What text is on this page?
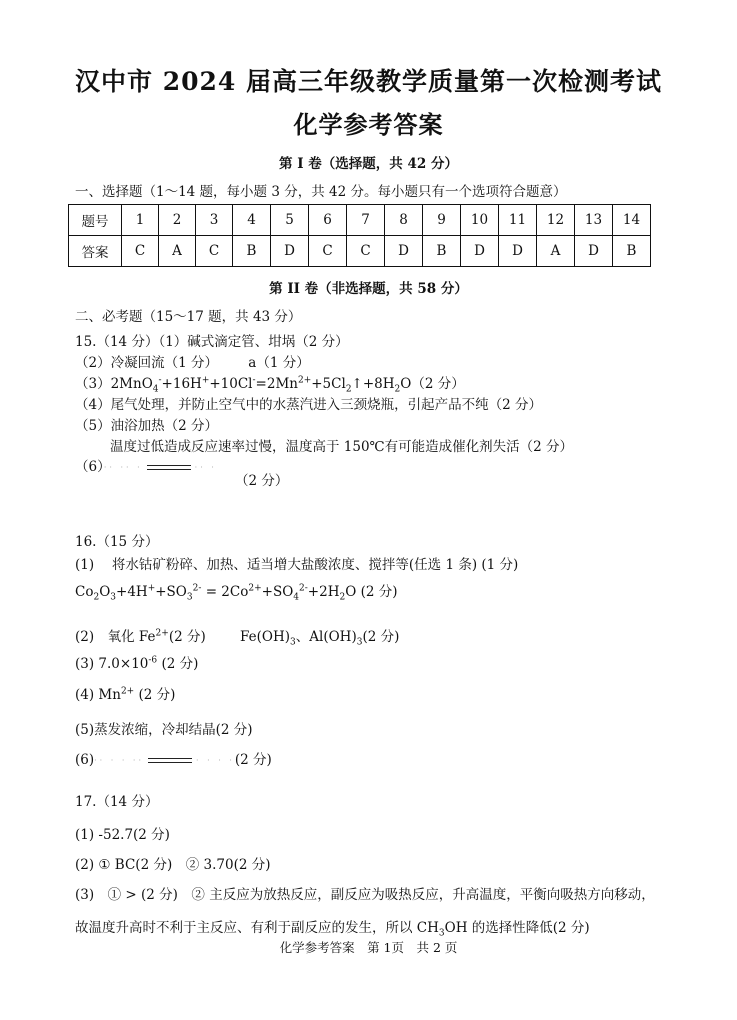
汉中市 2024 届高三年级教学质量第一次检测考试
化学参考答案
第 I 卷（选择题，共 42 分）
一、选择题（1～14 题，每小题 3 分，共 42 分。每小题只有一个选项符合题意）
题号	1	2	3	4	5	6	7	8	9	10	11	12	13	14
答案	C	A	C	B	D	C	C	D	B	D	D	A	D	B
第 II 卷（非选择题，共 58 分）
二、必考题（15～17 题，共 43 分）
15.（14 分）（1）碱式滴定管、坩埚（2 分）
（2）冷凝回流（1 分） a（1 分）
$(3)2MnO_4^-+16H^++10Cl^-=2Mn^{2+}+5Cl_2↑+8H_2O(2$ 分）
（4）尾气处理，并防止空气中的水蒸汽进入三颈烧瓶，引起产品不纯（2 分）
（5）油浴加热（2 分）
温度过低造成反应速率过慢，温度高于 150℃有可能造成催化剂失活（2 分）
（6）·· ·· ·	·· ·
（2 分）
16.（15 分）
(1)　 将水钴矿粉碎、加热、适当增大盐酸浓度、搅拌等(任选 1 条) (1 分)
$Co_2O_3+4H^++SO_3^{2-} = 2Co^{2+}+SO_4^{2-}+2H_2O$ (2 分)
(2)　氧化 $Fe^{2+}(2$ 分)	$Fe(OH)_3$、$Al(OH)_3(2$ 分)
(3) $7.0\times 10^{-6}$ (2 分)
(4) $Mn^{2+}$ (2 分)
(5)蒸发浓缩，冷却结晶(2 分)
(6)·· · · ··	· · · ·(2 分)
17.（14 分）
(1) -52.7(2 分)
(2) ① BC(2 分)　② 3.70(2 分)
(3)　① > (2 分)　② 主反应为放热反应，副反应为吸热反应，升高温度，平衡向吸热方向移动，
故温度升高时不利于主反应、有利于副反应的发生，所以 $CH_3OH$ 的选择性降低(2 分)
化学参考答案　第 1页　共 2 页
